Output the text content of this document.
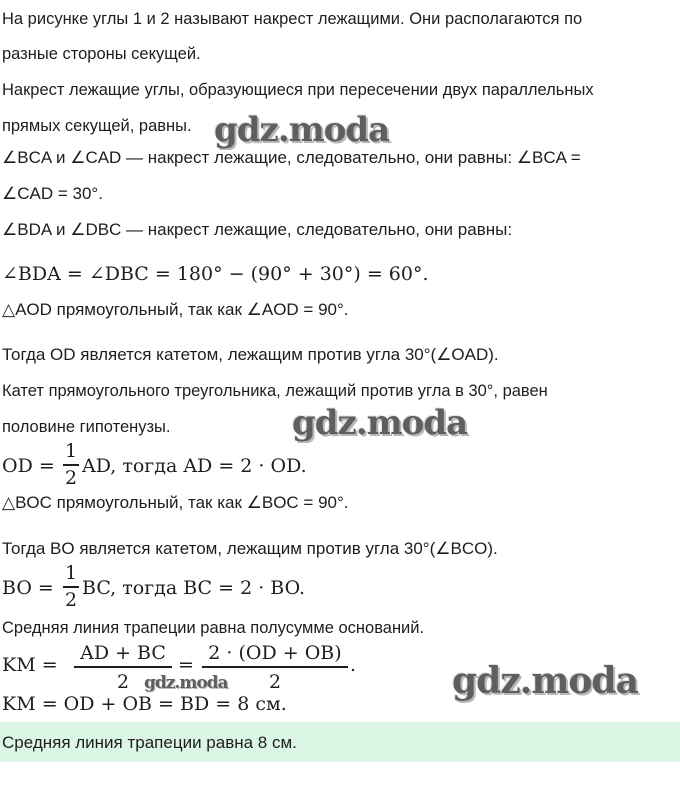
На рисунке углы 1 и 2 называют накрест лежащими. Они располагаются по
разные стороны секущей.
Накрест лежащие углы, образующиеся при пересечении двух параллельных
прямых секущей, равны.
∠BCA и ∠CAD — накрест лежащие, следовательно, они равны: ∠BCA =
∠CAD = 30°.
∠BDA и ∠DBC — накрест лежащие, следовательно, они равны:
∠BDA = ∠DBC = 180° − (90° + 30°) = 60°.
△AOD прямоугольный, так как ∠AOD = 90°.
Тогда OD является катетом, лежащим против угла 30°(∠OAD).
Катет прямоугольного треугольника, лежащий против угла в 30°, равен
половине гипотенузы.
OD =
1
2
AD, тогда AD = 2 · OD.
△BOC прямоугольный, так как ∠BOC = 90°.
Тогда BO является катетом, лежащим против угла 30°(∠BCO).
BO =
1
2
BC, тогда BC = 2 · BO.
Средняя линия трапеции равна полусумме оснований.
KM =
AD + BC
2
=
2 · (OD + OB)
2
.
KM = OD + OB = BD = 8 см.
Средняя линия трапеции равна 8 см.
gdz.moda
gdz.moda
gdz.moda	gdz.moda
